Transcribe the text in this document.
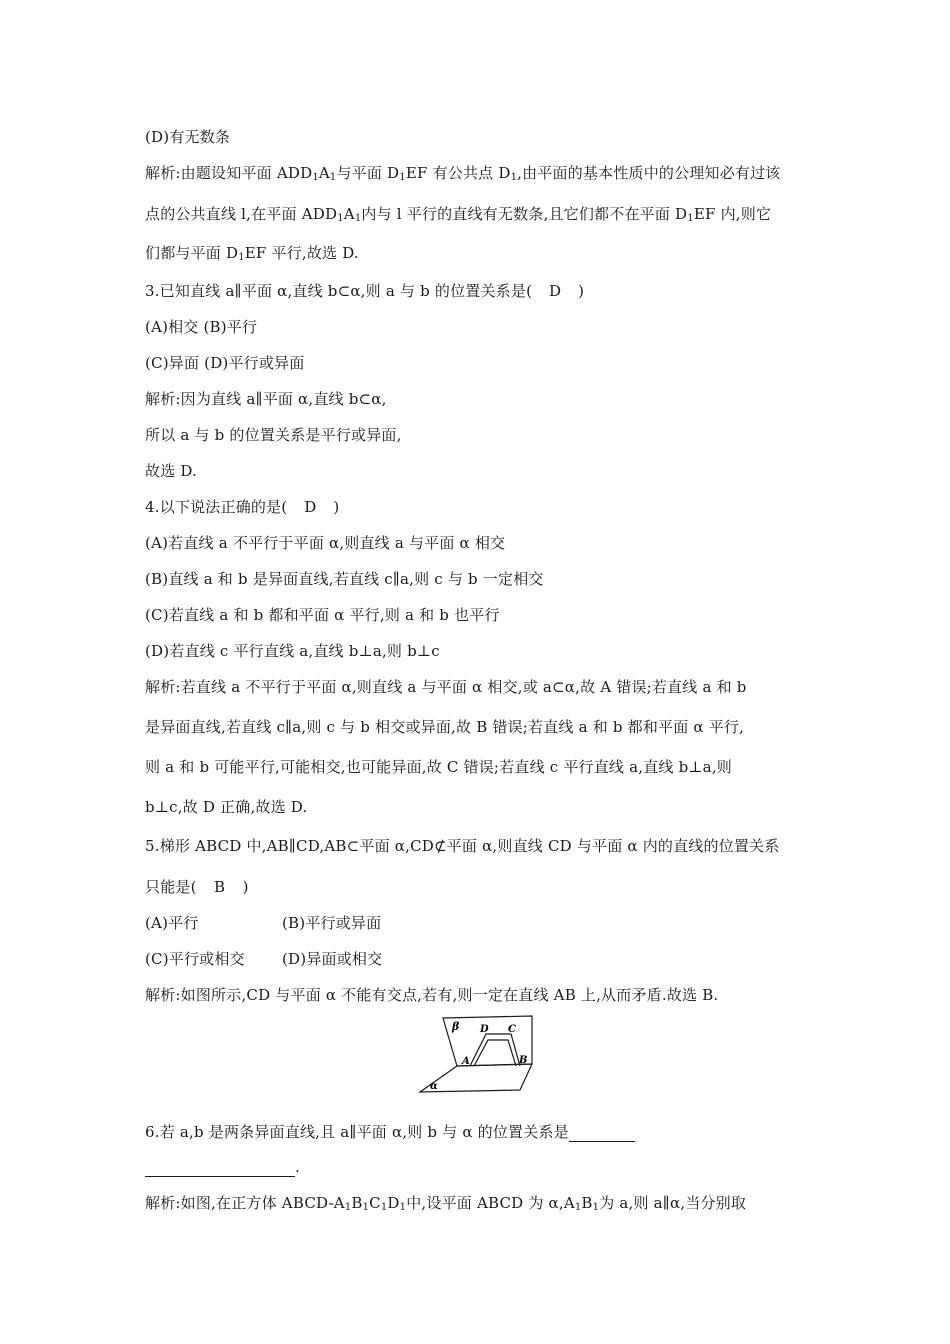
(D)有无数条
解析:由题设知平面 $ADD_1A_1$与平面 $D_1EF$ 有公共点 $D_1$,由平面的基本性质中的公理知必有过该
点的公共直线 l,在平面 $ADD_1A_1$内与 l 平行的直线有无数条,且它们都不在平面 $D_1EF$ 内,则它
们都与平面 $D_1EF$ 平行,故选 D.
3.已知直线 a∥平面 α,直线 b⊂α,则 a 与 b 的位置关系是( D )
(A)相交 (B)平行
(C)异面 (D)平行或异面
解析:因为直线 a∥平面 α,直线 b⊂α,
所以 a 与 b 的位置关系是平行或异面,
故选 D.
4.以下说法正确的是( D )
(A)若直线 a 不平行于平面 α,则直线 a 与平面 α 相交
(B)直线 a 和 b 是异面直线,若直线 c∥a,则 c 与 b 一定相交
(C)若直线 a 和 b 都和平面 α 平行,则 a 和 b 也平行
(D)若直线 c 平行直线 a,直线 b⊥a,则 b⊥c
解析:若直线 a 不平行于平面 α,则直线 a 与平面 α 相交,或 a⊂α,故 A 错误;若直线 a 和 b
是异面直线,若直线 c∥a,则 c 与 b 相交或异面,故 B 错误;若直线 a 和 b 都和平面 α 平行,
则 a 和 b 可能平行,可能相交,也可能异面,故 C 错误;若直线 c 平行直线 a,直线 b⊥a,则
b⊥c,故 D 正确,故选 D.
5.梯形 ABCD 中,AB∥CD,AB⊂平面 α,CD⊄平面 α,则直线 CD 与平面 α 内的直线的位置关系
只能是( B )
(A)平行	(B)平行或异面
(C)平行或相交 (D)异面或相交
解析:如图所示,CD 与平面 α 不能有交点,若有,则一定在直线 AB 上,从而矛盾.故选 B.
β D C
A	B
α
6.若 a,b 是两条异面直线,且 a∥平面 α,则 b 与 α 的位置关系是
.
解析:如图,在正方体 ABCD-$A_1B_1C_1D_1$中,设平面 ABCD 为 $\alpha,A_1B_1$为 a,则 a∥α,当分别取
